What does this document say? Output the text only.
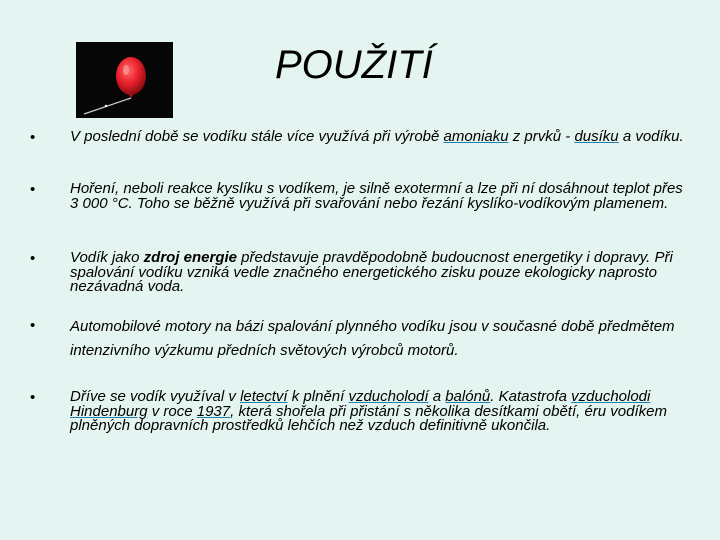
POUŽITÍ
• V poslední době se vodíku stále více využívá při výrobě amoniaku z prvků - dusíku a vodíku.
• Hoření, neboli reakce kyslíku s vodíkem, je silně exotermní a lze při ní dosáhnout teplot přes 3 000 °C. Toho se běžně využívá při svařování nebo řezání kyslíko-vodíkovým plamenem.
• Vodík jako zdroj energie představuje pravděpodobně budoucnost energetiky i dopravy. Při spalování vodíku vzniká vedle značného energetického zisku pouze ekologicky naprosto nezávadná voda.
• Automobilové motory na bázi spalování plynného vodíku jsou v současné době předmětem intenzivního výzkumu předních světových výrobců motorů.
• Dříve se vodík využíval v letectví k plnění vzducholodí a balónů. Katastrofa vzducholodi Hindenburg v roce 1937, která shořela při přistání s několika desítkami obětí, éru vodíkem plněných dopravních prostředků lehčích než vzduch definitivně ukončila.
